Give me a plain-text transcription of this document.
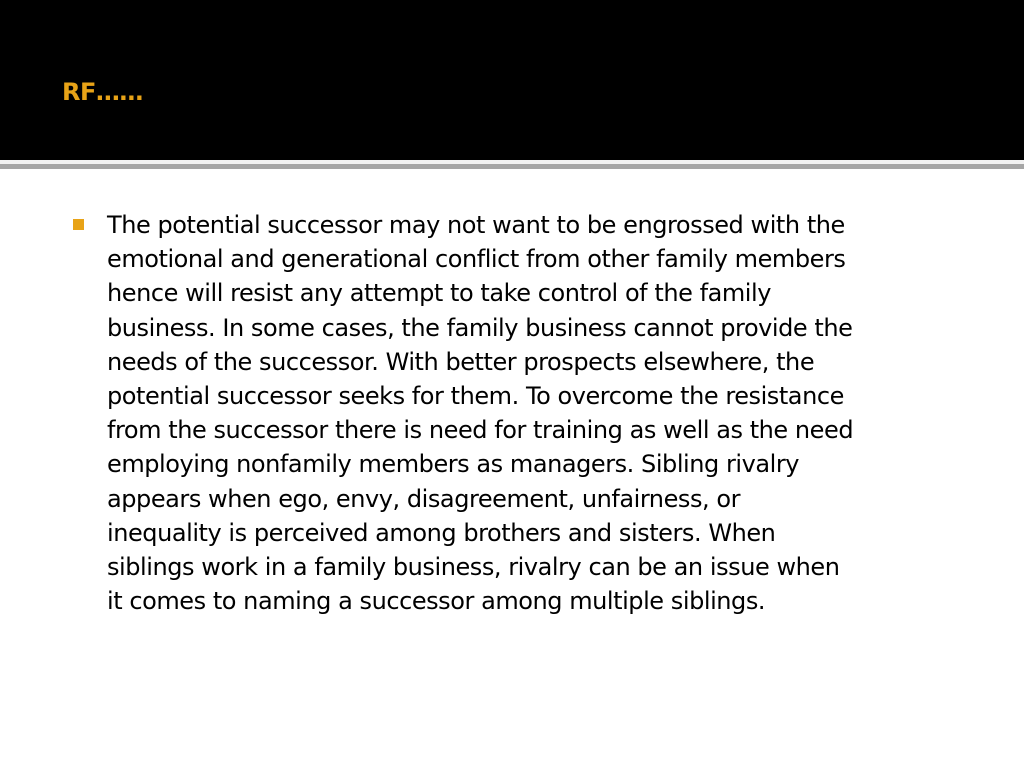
RF……

The potential successor may not want to be engrossed with the
emotional and generational conflict from other family members
hence will resist any attempt to take control of the family
business. In some cases, the family business cannot provide the
needs of the successor. With better prospects elsewhere, the
potential successor seeks for them. To overcome the resistance
from the successor there is need for training as well as the need
employing nonfamily members as managers. Sibling rivalry
appears when ego, envy, disagreement, unfairness, or
inequality is perceived among brothers and sisters. When
siblings work in a family business, rivalry can be an issue when
it comes to naming a successor among multiple siblings.
